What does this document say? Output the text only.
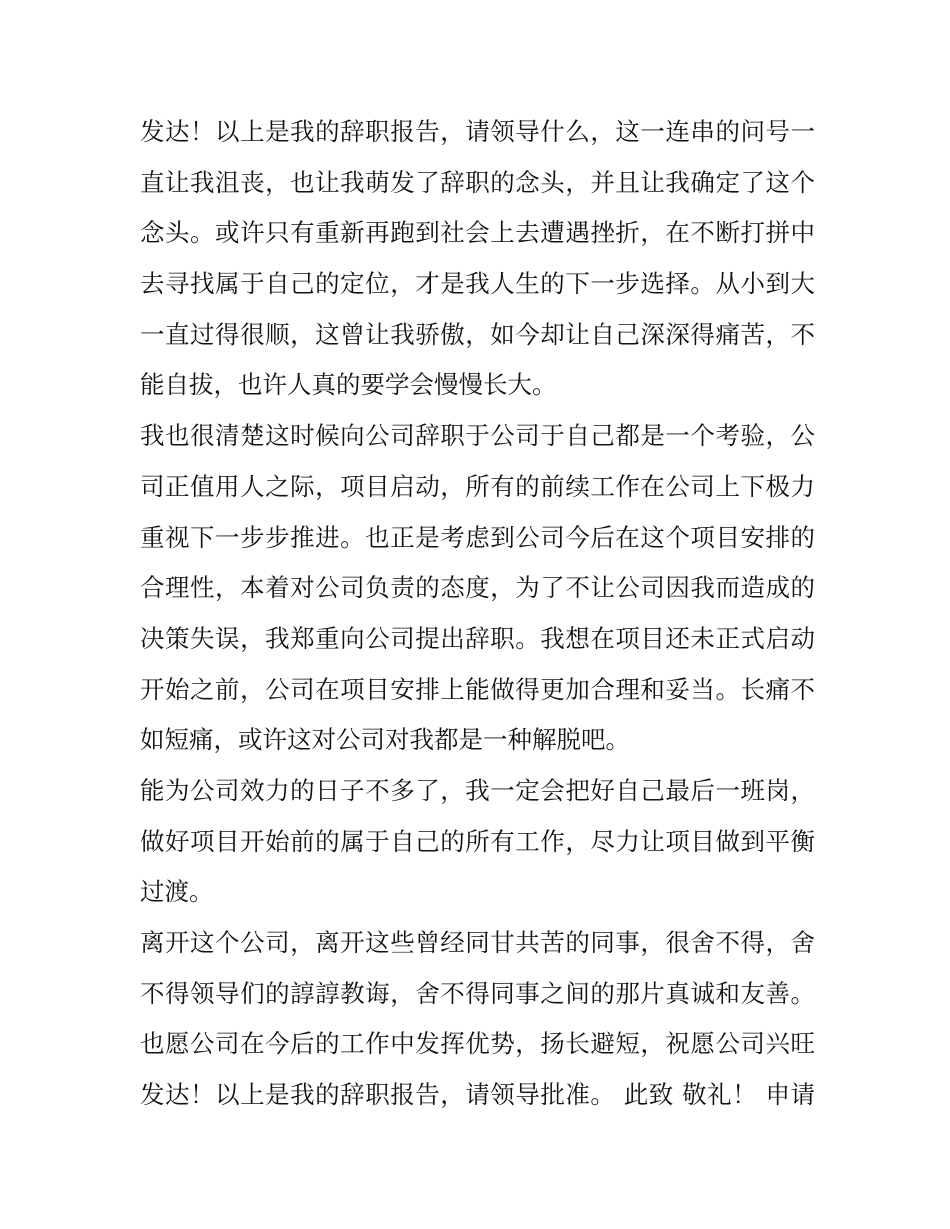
发达！以上是我的辞职报告，请领导什么，这一连串的问号一
直让我沮丧，也让我萌发了辞职的念头，并且让我确定了这个
念头。或许只有重新再跑到社会上去遭遇挫折，在不断打拼中
去寻找属于自己的定位，才是我人生的下一步选择。从小到大
一直过得很顺，这曾让我骄傲，如今却让自己深深得痛苦，不
能自拔，也许人真的要学会慢慢长大。
我也很清楚这时候向公司辞职于公司于自己都是一个考验，公
司正值用人之际，项目启动，所有的前续工作在公司上下极力
重视下一步步推进。也正是考虑到公司今后在这个项目安排的
合理性，本着对公司负责的态度，为了不让公司因我而造成的
决策失误，我郑重向公司提出辞职。我想在项目还未正式启动
开始之前，公司在项目安排上能做得更加合理和妥当。长痛不
如短痛，或许这对公司对我都是一种解脱吧。
能为公司效力的日子不多了，我一定会把好自己最后一班岗，
做好项目开始前的属于自己的所有工作，尽力让项目做到平衡
过渡。
离开这个公司，离开这些曾经同甘共苦的同事，很舍不得，舍
不得领导们的諄諄教诲，舍不得同事之间的那片真诚和友善。
也愿公司在今后的工作中发挥优势，扬长避短，祝愿公司兴旺
发达！以上是我的辞职报告，请领导批准。 此致 敬礼！ 申请
